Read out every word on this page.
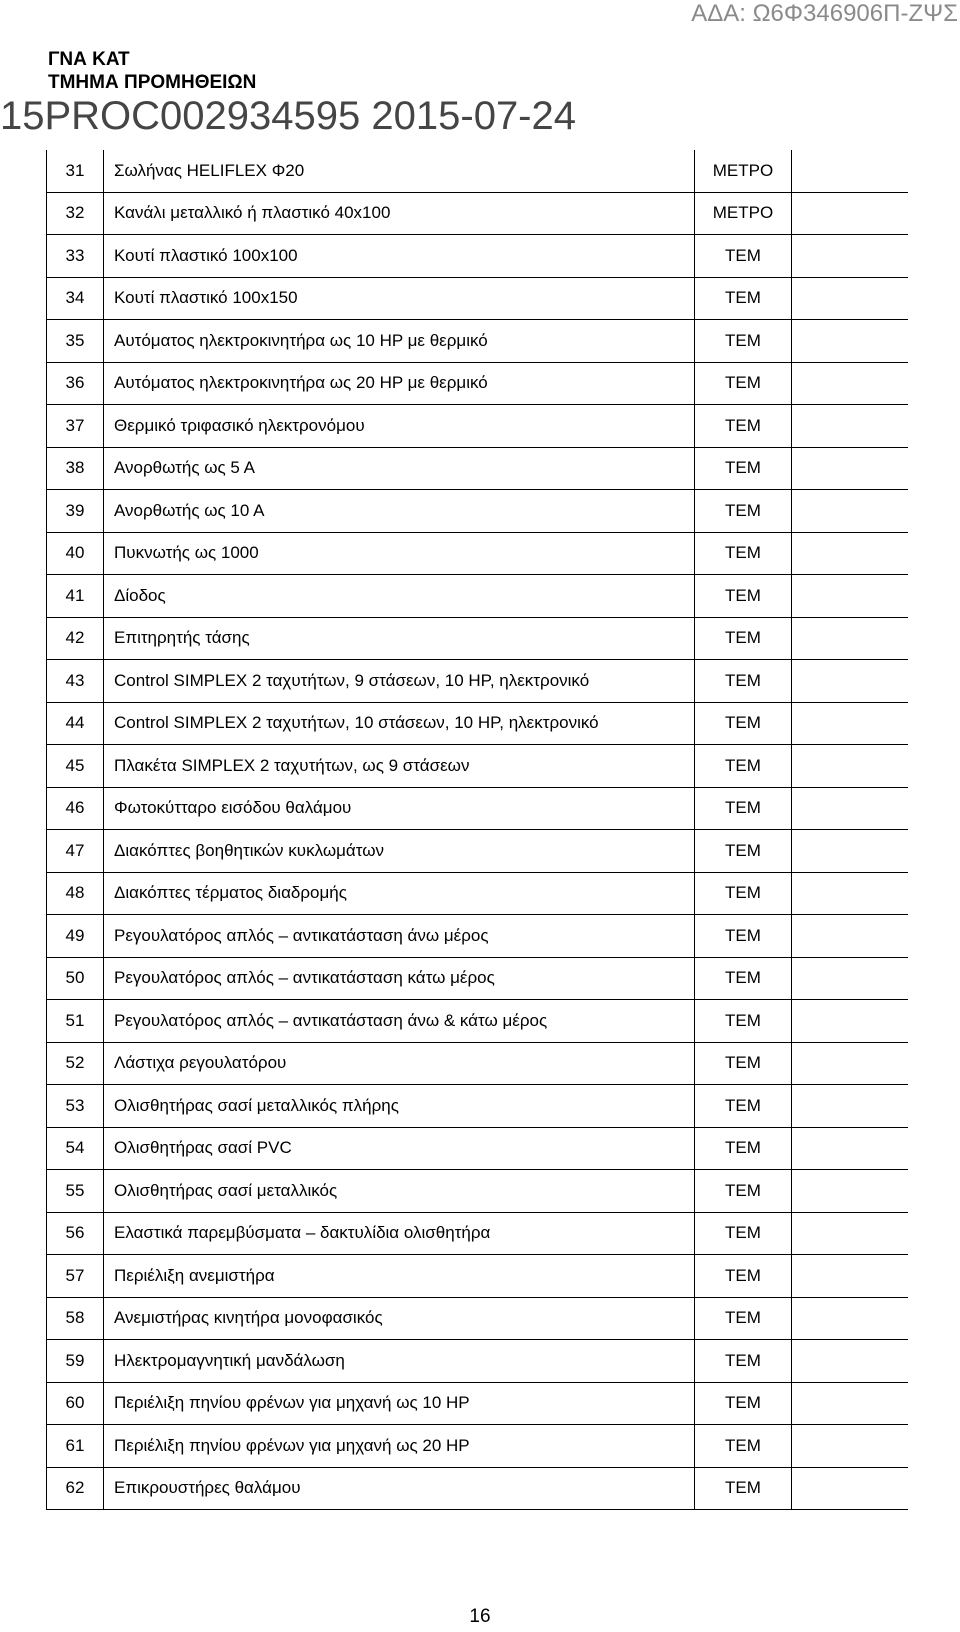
ΑΔΑ: Ω6Φ346906Π-ΖΨΣ
ΓΝΑ ΚΑΤ
ΤΜΗΜΑ ΠΡΟΜΗΘΕΙΩΝ
15PROC002934595 2015-07-24
31	Σωλήνας HELIFLEX Φ20	ΜΕΤΡΟ	
32	Κανάλι μεταλλικό ή πλαστικό 40x100	ΜΕΤΡΟ	
33	Κουτί πλαστικό 100x100	ΤΕΜ	
34	Κουτί πλαστικό 100x150	ΤΕΜ	
35	Αυτόματος ηλεκτροκινητήρα ως 10 HP με θερμικό	ΤΕΜ	
36	Αυτόματος ηλεκτροκινητήρα ως 20 HP με θερμικό	ΤΕΜ	
37	Θερμικό τριφασικό ηλεκτρονόμου	ΤΕΜ	
38	Ανορθωτής ως 5 Α	ΤΕΜ	
39	Ανορθωτής ως 10 Α	ΤΕΜ	
40	Πυκνωτής ως 1000	ΤΕΜ	
41	Δίοδος	ΤΕΜ	
42	Επιτηρητής τάσης	ΤΕΜ	
43	Control SIMPLEX 2 ταχυτήτων, 9 στάσεων, 10 HP, ηλεκτρονικό	ΤΕΜ	
44	Control SIMPLEX 2 ταχυτήτων, 10 στάσεων, 10 HP, ηλεκτρονικό	ΤΕΜ	
45	Πλακέτα SIMPLEX 2 ταχυτήτων, ως 9 στάσεων	ΤΕΜ	
46	Φωτοκύτταρο εισόδου θαλάμου	ΤΕΜ	
47	Διακόπτες βοηθητικών κυκλωμάτων	ΤΕΜ	
48	Διακόπτες τέρματος διαδρομής	ΤΕΜ	
49	Ρεγουλατόρος απλός – αντικατάσταση άνω μέρος	ΤΕΜ	
50	Ρεγουλατόρος απλός – αντικατάσταση κάτω μέρος	ΤΕΜ	
51	Ρεγουλατόρος απλός – αντικατάσταση άνω & κάτω μέρος	ΤΕΜ	
52	Λάστιχα ρεγουλατόρου	ΤΕΜ	
53	Ολισθητήρας σασί μεταλλικός πλήρης	ΤΕΜ	
54	Ολισθητήρας σασί PVC	ΤΕΜ	
55	Ολισθητήρας σασί μεταλλικός	ΤΕΜ	
56	Ελαστικά παρεμβύσματα – δακτυλίδια ολισθητήρα	ΤΕΜ	
57	Περιέλιξη ανεμιστήρα	ΤΕΜ	
58	Ανεμιστήρας κινητήρα μονοφασικός	ΤΕΜ	
59	Ηλεκτρομαγνητική μανδάλωση	ΤΕΜ	
60	Περιέλιξη πηνίου φρένων για μηχανή ως 10 HP	ΤΕΜ	
61	Περιέλιξη πηνίου φρένων για μηχανή ως 20 HP	ΤΕΜ	
62	Επικρουστήρες θαλάμου	ΤΕΜ	
16
